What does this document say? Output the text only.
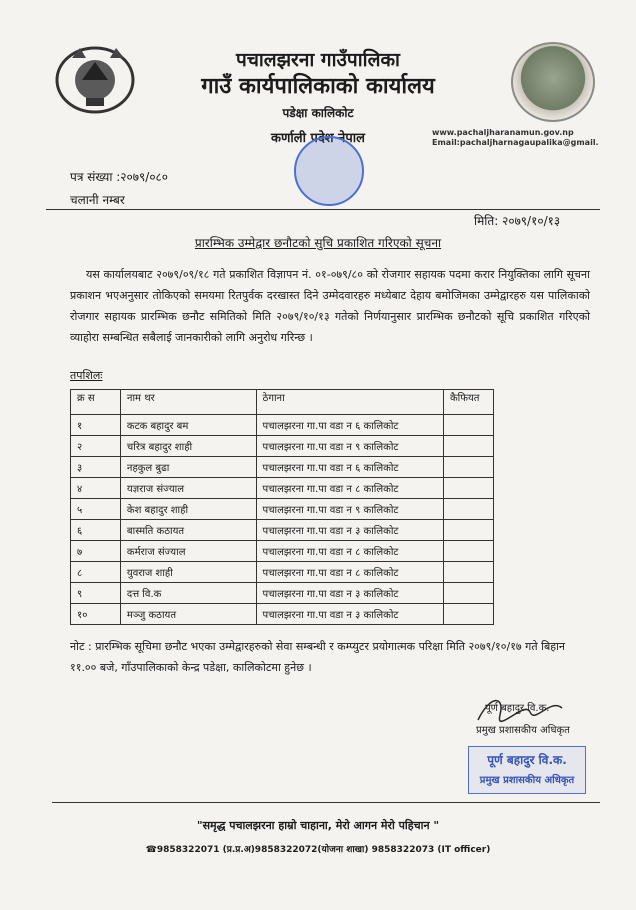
पचालझरना गाउँपालिका
गाउँ कार्यपालिकाको कार्यालय
पडेक्षा कालिकोट
कर्णाली प्रदेश नेपाल	www.pachaljharanamun.gov.np
Email:pachaljharnagaupalika@gmail.
पत्र संख्या :२०७९/०८०
चलानी नम्बर
मिति: २०७९/१०/१३
प्रारम्भिक उम्मेद्वार छनौटको सुचि प्रकाशित गरिएको सूचना
यस कार्यालयबाट २०७९/०९/१८ गते प्रकाशित विज्ञापन नं. ०१-०७९/८० को रोजगार सहायक पदमा करार नियुक्तिका लागि सूचना प्रकाशन भएअनुसार तोकिएको समयमा रितपुर्वक दरखास्त दिने उम्मेदवारहरु मध्येबाट देहाय बमोजिमका उम्मेद्वारहरु यस पालिकाको रोजगार सहायक प्रारम्भिक छनौट समितिको मिति २०७९/१०/१३ गतेको निर्णयानुसार प्रारम्भिक छनौटको सूचि प्रकाशित गरिएको व्याहोरा सम्बन्धित सबैलाई जानकारीको लागि अनुरोध गरिन्छ ।
तपशिलः
क्र स	नाम थर	ठेगाना	कैफियत
१	कटक बहादुर बम	पचालझरना गा.पा वडा न ६ कालिकोट	
२	चरित्र बहादुर शाही	पचालझरना गा.पा वडा न ९ कालिकोट	
३	नहकुल बुढा	पचालझरना गा.पा वडा न ६ कालिकोट	
४	यज्ञराज संज्याल	पचालझरना गा.पा वडा न ८ कालिकोट	
५	केश बहादुर शाही	पचालझरना गा.पा वडा न ९ कालिकोट	
६	बास्मति कठायत	पचालझरना गा.पा वडा न ३ कालिकोट	
७	कर्मराज संज्याल	पचालझरना गा.पा वडा न ८ कालिकोट	
८	युवराज शाही	पचालझरना गा.पा वडा न ८ कालिकोट	
९	दत्त वि.क	पचालझरना गा.पा वडा न ३ कालिकोट	
१०	मञ्जु कठायत	पचालझरना गा.पा वडा न ३ कालिकोट	
नोट : प्रारम्भिक सूचिमा छनौट भएका उम्मेद्वारहरुको सेवा सम्बन्धी र कम्प्युटर प्रयोगात्मक परिक्षा मिति २०७९/१०/१७ गते बिहान ११.०० बजे, गाँउपालिकाको केन्द्र पडेक्षा, कालिकोटमा हुनेछ ।
पूर्ण बहादुर वि.क.
प्रमुख प्रशासकीय अधिकृत
पूर्ण बहादुर वि.क.
प्रमुख प्रशासकीय अधिकृत
"समृद्ध पचालझरना हाम्रो चाहाना, मेरो आगन मेरो पहिचान "
☎9858322071 (प्र.प्र.अ)9858322072(योजना शाखा) 9858322073 (IT officer)
